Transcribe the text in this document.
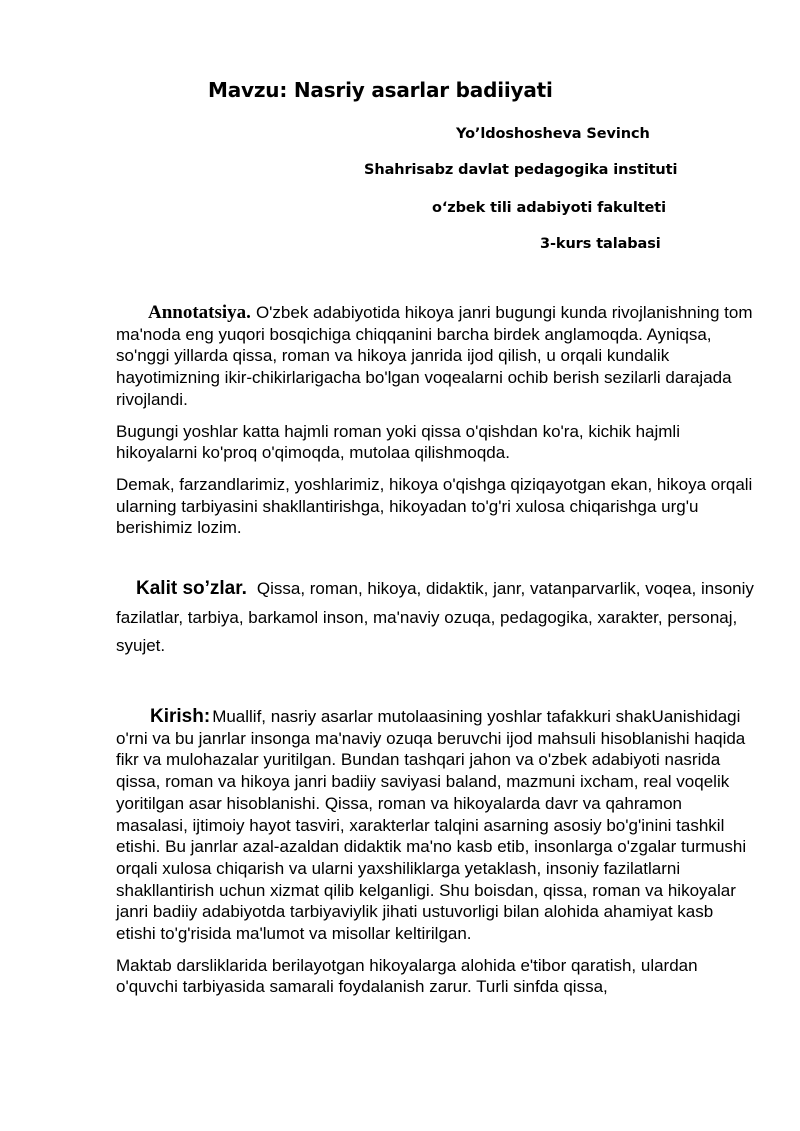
Mavzu: Nasriy asarlar badiiyati

Yo’ldoshosheva Sevinch

Shahrisabz davlat pedagogika instituti

o‘zbek tili adabiyoti fakulteti

3-kurs talabasi

Annotatsiya. O'zbek adabiyotida hikoya janri bugungi kunda rivojlanishning tom ma'noda eng yuqori bosqichiga chiqqanini barcha birdek anglamoqda. Ayniqsa, so'nggi yillarda qissa, roman va hikoya janrida ijod qilish, u orqali kundalik hayotimizning ikir-chikirlarigacha bo'lgan voqealarni ochib berish sezilarli darajada rivojlandi.

Bugungi yoshlar katta hajmli roman yoki qissa o'qishdan ko'ra, kichik hajmli hikoyalarni ko'proq o'qimoqda, mutolaa qilishmoqda.

Demak, farzandlarimiz, yoshlarimiz, hikoya o'qishga qiziqayotgan ekan, hikoya orqali ularning tarbiyasini shakllantirishga, hikoyadan to'g'ri xulosa chiqarishga urg'u berishimiz lozim.

Kalit so’zlar. Qissa, roman, hikoya, didaktik, janr, vatanparvarlik, voqea, insoniy fazilatlar, tarbiya, barkamol inson, ma'naviy ozuqa, pedagogika, xarakter, personaj, syujet.

Kirish: Muallif, nasriy asarlar mutolaasining yoshlar tafakkuri shakUanishidagi o'rni va bu janrlar insonga ma'naviy ozuqa beruvchi ijod mahsuli hisoblanishi haqida fikr va mulohazalar yuritilgan. Bundan tashqari jahon va o'zbek adabiyoti nasrida qissa, roman va hikoya janri badiiy saviyasi baland, mazmuni ixcham, real voqelik yoritilgan asar hisoblanishi. Qissa, roman va hikoyalarda davr va qahramon masalasi, ijtimoiy hayot tasviri, xarakterlar talqini asarning asosiy bo'g'inini tashkil etishi. Bu janrlar azal-azaldan didaktik ma'no kasb etib, insonlarga o'zgalar turmushi orqali xulosa chiqarish va ularni yaxshiliklarga yetaklash, insoniy fazilatlarni shakllantirish uchun xizmat qilib kelganligi. Shu boisdan, qissa, roman va hikoyalar janri badiiy adabiyotda tarbiyaviylik jihati ustuvorligi bilan alohida ahamiyat kasb etishi to'g'risida ma'lumot va misollar keltirilgan.

Maktab darsliklarida berilayotgan hikoyalarga alohida e'tibor qaratish, ulardan o'quvchi tarbiyasida samarali foydalanish zarur. Turli sinfda qissa,
